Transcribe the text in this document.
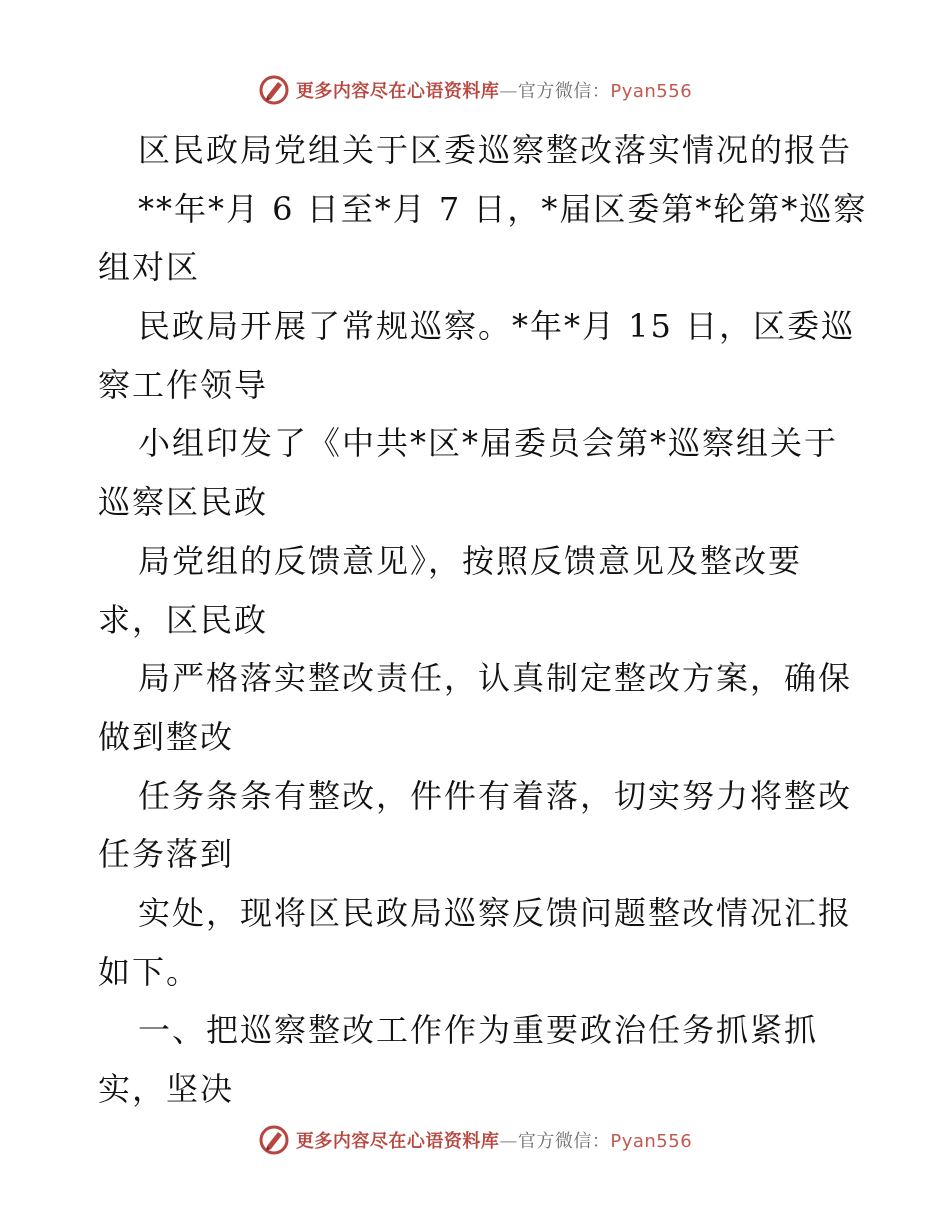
更多内容尽在心语资料库—官方微信：Pyan556
区民政局党组关于区委巡察整改落实情况的报告
**年*月 6 日至*月 7 日，*届区委第*轮第*巡察
组对区
民政局开展了常规巡察。*年*月 15 日，区委巡
察工作领导
小组印发了《中共*区*届委员会第*巡察组关于
巡察区民政
局党组的反馈意见》，按照反馈意见及整改要
求，区民政
局严格落实整改责任，认真制定整改方案，确保
做到整改
任务条条有整改，件件有着落，切实努力将整改
任务落到
实处，现将区民政局巡察反馈问题整改情况汇报
如下。
一、把巡察整改工作作为重要政治任务抓紧抓
实，坚决
更多内容尽在心语资料库—官方微信：Pyan556
